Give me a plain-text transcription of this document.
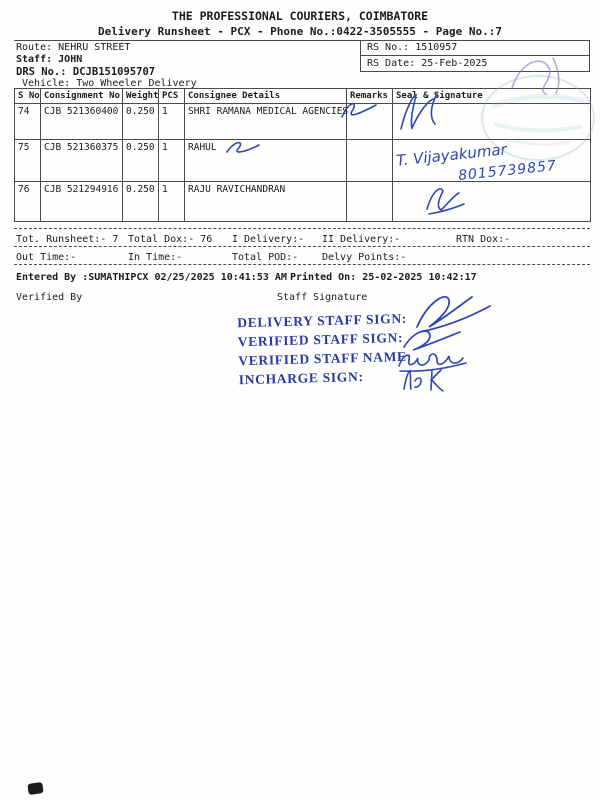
THE PROFESSIONAL COURIERS, COIMBATORE
Delivery Runsheet - PCX - Phone No.:0422-3505555 - Page No.:7
Route: NEHRU STREET
Staff: JOHN
DRS No.: DCJB151095707
Vehicle: Two Wheeler Delivery
RS No.: 1510957
RS Date: 25-Feb-2025
S No	Consignment No	Weight	PCS	Consignee Details	Remarks	Seal & Signature
74	CJB 521360400	0.250	1	SHRI RAMANA MEDICAL AGENCIES		
75	CJB 521360375	0.250	1	RAHUL		
76	CJB 521294916	0.250	1	RAJU RAVICHANDRAN		
Tot. Runsheet:- 7 Total Dox:- 76 I Delivery:- II Delivery:-	RTN Dox:-
Out Time:-	In Time:-	Total POD:- Delvy Points:-
Entered By :SUMATHIPCX 02/25/2025 10:41:53 AM Printed On: 25-02-2025 10:42:17
Verified By	Staff Signature
DELIVERY STAFF SIGN:
VERIFIED STAFF SIGN:
VERIFIED STAFF NAME:
INCHARGE SIGN:
T. Vijayakumar
8015739857
